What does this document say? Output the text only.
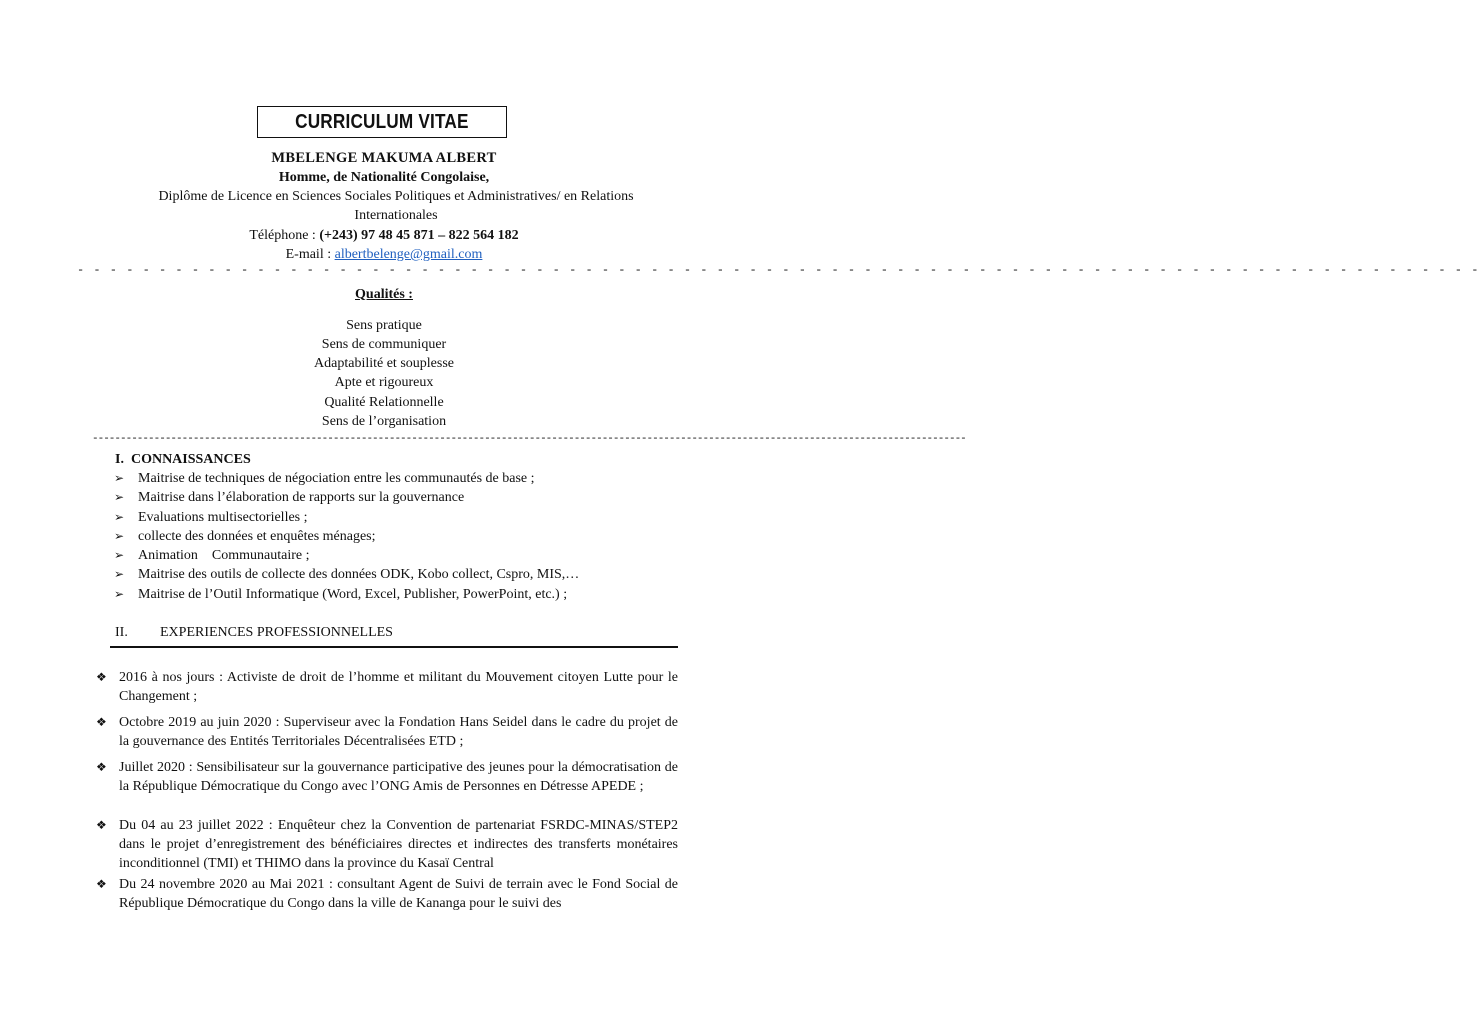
CURRICULUM VITAE
MBELENGE MAKUMA ALBERT
Homme, de Nationalité Congolaise,
Diplôme de Licence en Sciences Sociales Politiques et Administratives/ en Relations Internationales
Téléphone : (+243) 97 48 45 871 – 822 564 182
E-mail : albertbelenge@gmail.com
- - - - - - - - - - - - - - - - - - - - - - - - - - - - - - - - - - - - - - - - - - - - - - - - - - - - - - - - - - - - - - - - - - - - - - - - - - - - - - - - - - - - - -
Qualités :
Sens pratique
Sens de communiquer
Adaptabilité et souplesse
Apte et rigoureux
Qualité Relationnelle
Sens de l’organisation
------------------------------------------------------------------------------------------------------------------------------------------------------------
I. CONNAISSANCES
➢ Maitrise de techniques de négociation entre les communautés de base ;
➢ Maitrise dans l’élaboration de rapports sur la gouvernance
➢ Evaluations multisectorielles ;
➢ collecte des données et enquêtes ménages;
➢ Animation    Communautaire ;
➢ Maitrise des outils de collecte des données ODK, Kobo collect, Cspro, MIS,…
➢ Maitrise de l’Outil Informatique (Word, Excel, Publisher, PowerPoint, etc.) ;
II. EXPERIENCES PROFESSIONNELLES
❖ 2016 à nos jours : Activiste de droit de l’homme et militant du Mouvement citoyen Lutte pour le Changement ;
❖ Octobre 2019 au juin 2020 : Superviseur avec la Fondation Hans Seidel dans le cadre du projet de la gouvernance des Entités Territoriales Décentralisées ETD ;
❖ Juillet 2020 : Sensibilisateur sur la gouvernance participative des jeunes pour la démocratisation de la République Démocratique du Congo avec l’ONG Amis de Personnes en Détresse APEDE ;
❖ Du 04 au 23 juillet 2022 : Enquêteur chez la Convention de partenariat FSRDC-MINAS/STEP2 dans le projet d’enregistrement des bénéficiaires directes et indirectes des transferts monétaires inconditionnel (TMI) et THIMO dans la province du Kasaï Central
❖ Du 24 novembre 2020 au Mai 2021 : consultant Agent de Suivi de terrain avec le Fond Social de République Démocratique du Congo dans la ville de Kananga pour le suivi des
